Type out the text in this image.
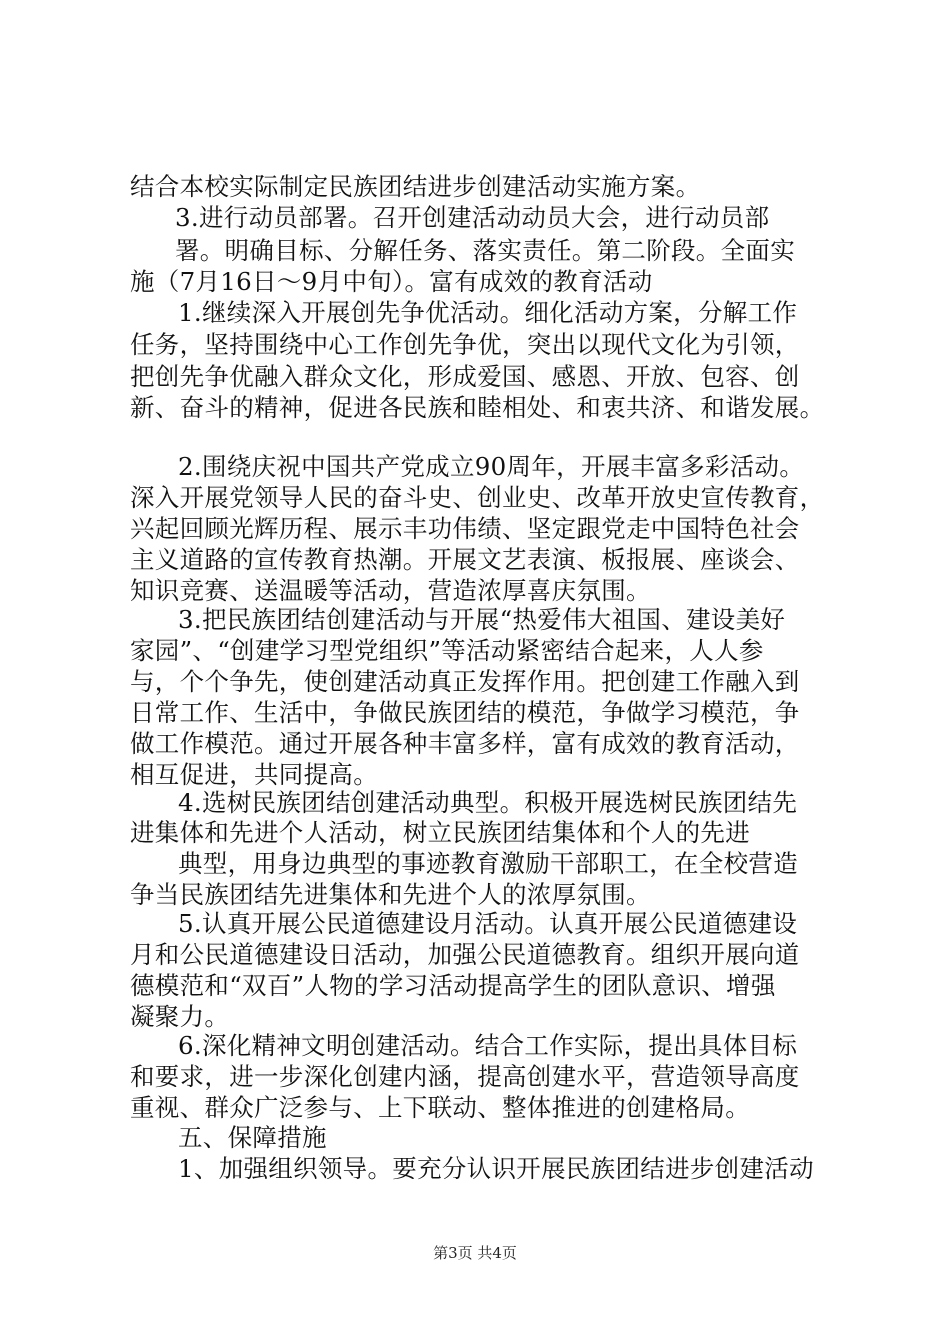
结合本校实际制定民族团结进步创建活动实施方案。
3.进行动员部署。召开创建活动动员大会，进行动员部
署。明确目标、分解任务、落实责任。第二阶段。全面实
施（7月16日～9月中旬）。富有成效的教育活动
1.继续深入开展创先争优活动。细化活动方案，分解工作
任务，坚持围绕中心工作创先争优，突出以现代文化为引领，
把创先争优融入群众文化，形成爱国、感恩、开放、包容、创
新、奋斗的精神，促进各民族和睦相处、和衷共济、和谐发展。
2.围绕庆祝中国共产党成立90周年，开展丰富多彩活动。
深入开展党领导人民的奋斗史、创业史、改革开放史宣传教育，
兴起回顾光辉历程、展示丰功伟绩、坚定跟党走中国特色社会
主义道路的宣传教育热潮。开展文艺表演、板报展、座谈会、
知识竞赛、送温暖等活动，营造浓厚喜庆氛围。
3.把民族团结创建活动与开展“热爱伟大祖国、建设美好
家园”、“创建学习型党组织”等活动紧密结合起来，人人参
与，个个争先，使创建活动真正发挥作用。把创建工作融入到
日常工作、生活中，争做民族团结的模范，争做学习模范，争
做工作模范。通过开展各种丰富多样，富有成效的教育活动，
相互促进，共同提高。
4.选树民族团结创建活动典型。积极开展选树民族团结先
进集体和先进个人活动，树立民族团结集体和个人的先进
典型，用身边典型的事迹教育激励干部职工，在全校营造
争当民族团结先进集体和先进个人的浓厚氛围。
5.认真开展公民道德建设月活动。认真开展公民道德建设
月和公民道德建设日活动，加强公民道德教育。组织开展向道
德模范和“双百”人物的学习活动提高学生的团队意识、增强
凝聚力。
6.深化精神文明创建活动。结合工作实际，提出具体目标
和要求，进一步深化创建内涵，提高创建水平，营造领导高度
重视、群众广泛参与、上下联动、整体推进的创建格局。
五、保障措施
1、加强组织领导。要充分认识开展民族团结进步创建活动
第3页 共4页
